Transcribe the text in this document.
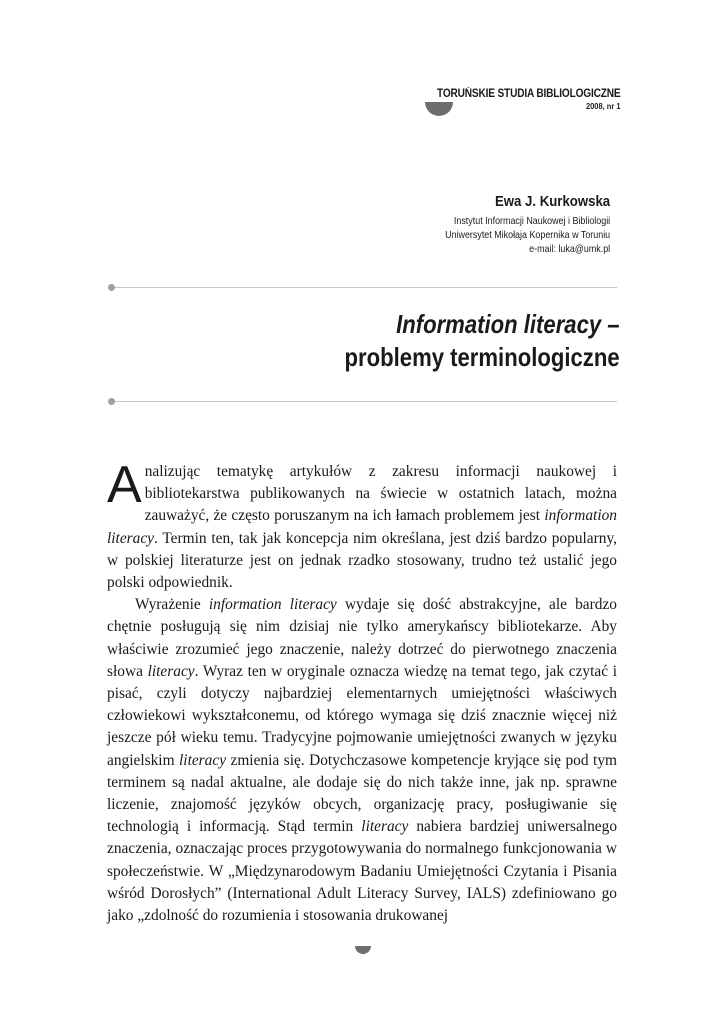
TORUŃSKIE STUDIA BIBLIOLOGICZNE
2008, nr 1
Ewa J. Kurkowska
Instytut Informacji Naukowej i Bibliologii
Uniwersytet Mikołaja Kopernika w Toruniu
e-mail: luka@umk.pl
Information literacy –
problemy terminologiczne

Analizując tematykę artykułów z zakresu informacji naukowej i bibliotekarstwa publikowanych na świecie w ostatnich latach, można zauważyć, że często poruszanym na ich łamach problemem jest information literacy. Termin ten, tak jak koncepcja nim określana, jest dziś bardzo popularny, w polskiej literaturze jest on jednak rzadko stosowany, trudno też ustalić jego polski odpowiednik.

Wyrażenie information literacy wydaje się dość abstrakcyjne, ale bardzo chętnie posługują się nim dzisiaj nie tylko amerykańscy bibliotekarze. Aby właściwie zrozumieć jego znaczenie, należy dotrzeć do pierwotnego znaczenia słowa literacy. Wyraz ten w oryginale oznacza wiedzę na temat tego, jak czytać i pisać, czyli dotyczy najbardziej elementarnych umiejętności właściwych człowiekowi wykształconemu, od którego wymaga się dziś znacznie więcej niż jeszcze pół wieku temu. Tradycyjne pojmowanie umiejętności zwanych w języku angielskim literacy zmienia się. Dotychczasowe kompetencje kryjące się pod tym terminem są nadal aktualne, ale dodaje się do nich także inne, jak np. sprawne liczenie, znajomość języków obcych, organizację pracy, posługiwanie się technologią i informacją. Stąd termin literacy nabiera bardziej uniwersalnego znaczenia, oznaczając proces przygotowywania do normalnego funkcjonowania w społeczeństwie. W „Międzynarodowym Badaniu Umiejętności Czytania i Pisania wśród Dorosłych” (International Adult Literacy Survey, IALS) zdefiniowano go jako „zdolność do rozumienia i stosowania drukowanej
